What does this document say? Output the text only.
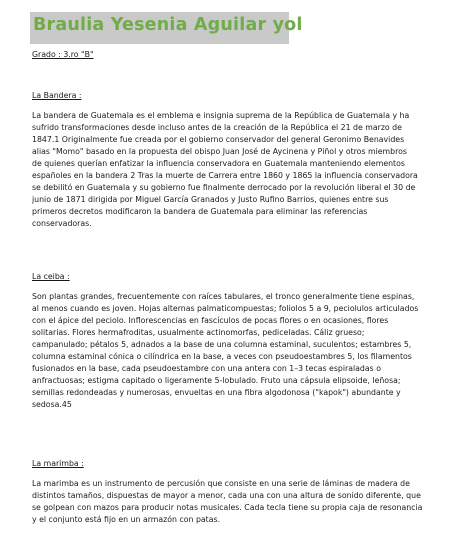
Braulia Yesenia Aguilar yol
Grado : 3.ro "B"
La Bandera :
La bandera de Guatemala es el emblema e insignia suprema de la República de Guatemala y ha
sufrido transformaciones desde incluso antes de la creación de la República el 21 de marzo de
1847.1 Originalmente fue creada por el gobierno conservador del general Geronimo Benavides
alias "Momo" basado en la propuesta del obispo Juan José de Aycinena y Piñol y otros miembros
de quienes querían enfatizar la influencia conservadora en Guatemala manteniendo elementos
españoles en la bandera 2 Tras la muerte de Carrera entre 1860 y 1865 la influencia conservadora
se debilitó en Guatemala y su gobierno fue finalmente derrocado por la revolución liberal el 30 de
junio de 1871 dirigida por Miguel García Granados y Justo Rufino Barrios, quienes entre sus
primeros decretos modificaron la bandera de Guatemala para eliminar las referencias
conservadoras.
La ceiba :
Son plantas grandes, frecuentemente con raíces tabulares, el tronco generalmente tiene espinas,
al menos cuando es joven. Hojas alternas palmaticompuestas; foliolos 5 a 9, peciolulos articulados
con el ápice del peciolo. Inflorescencias en fascículos de pocas flores o en ocasiones, flores
solitarias. Flores hermafroditas, usualmente actinomorfas, pediceladas. Cáliz grueso;
campanulado; pétalos 5, adnados a la base de una columna estaminal, suculentos; estambres 5,
columna estaminal cónica o cilíndrica en la base, a veces con pseudoestambres 5, los filamentos
fusionados en la base, cada pseudoestambre con una antera con 1–3 tecas espiraladas o
anfractuosas; estigma capitado o ligeramente 5-lobulado. Fruto una cápsula elipsoide, leñosa;
semillas redondeadas y numerosas, envueltas en una fibra algodonosa ("kapok") abundante y
sedosa.45
La marimba :
La marimba es un instrumento de percusión que consiste en una serie de láminas de madera de
distintos tamaños, dispuestas de mayor a menor, cada una con una altura de sonido diferente, que
se golpean con mazos para producir notas musicales. Cada tecla tiene su propia caja de resonancia
y el conjunto está fijo en un armazón con patas.
